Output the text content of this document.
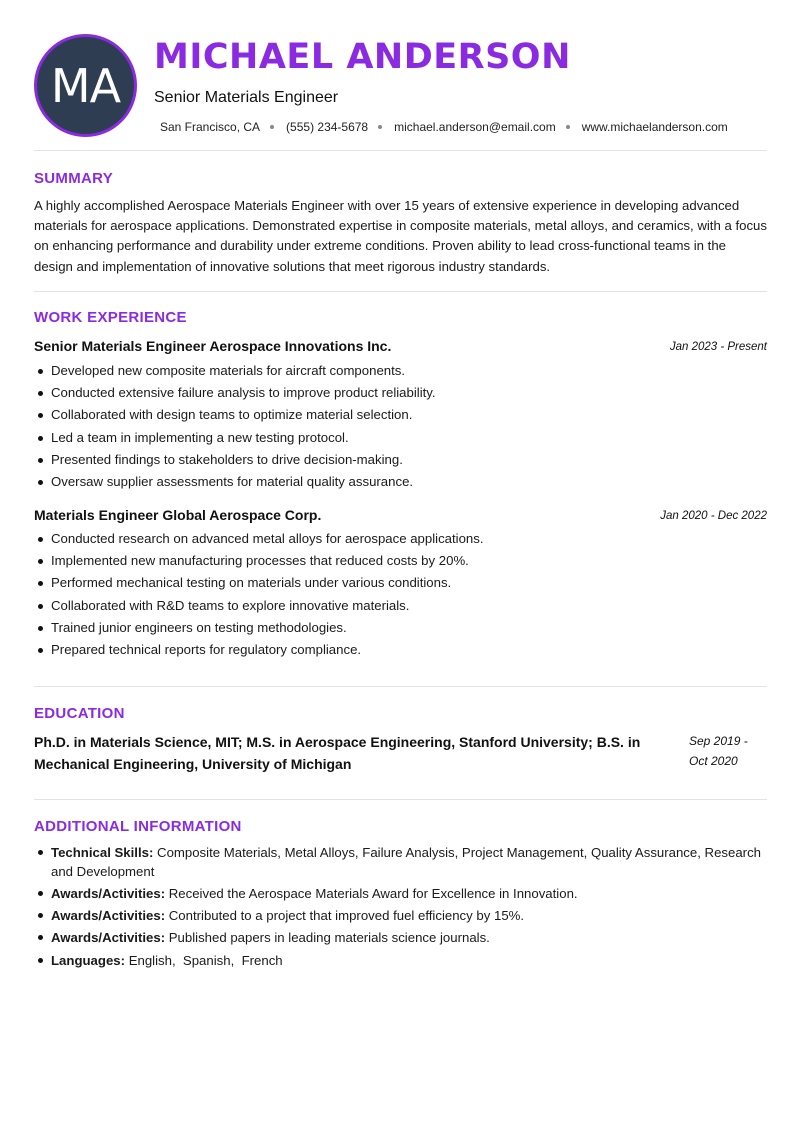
MA
MICHAEL ANDERSON
Senior Materials Engineer
San Francisco, CA (555) 234-5678 michael.anderson@email.com www.michaelanderson.com
SUMMARY

A highly accomplished Aerospace Materials Engineer with over 15 years of extensive experience in developing advanced materials for aerospace applications. Demonstrated expertise in composite materials, metal alloys, and ceramics, with a focus on enhancing performance and durability under extreme conditions. Proven ability to lead cross-functional teams in the design and implementation of innovative solutions that meet rigorous industry standards.

WORK EXPERIENCE
Senior Materials Engineer Aerospace Innovations Inc.	Jan 2023 - Present
Developed new composite materials for aircraft components.
Conducted extensive failure analysis to improve product reliability.
Collaborated with design teams to optimize material selection.
Led a team in implementing a new testing protocol.
Presented findings to stakeholders to drive decision-making.
Oversaw supplier assessments for material quality assurance.
Materials Engineer Global Aerospace Corp.	Jan 2020 - Dec 2022
Conducted research on advanced metal alloys for aerospace applications.
Implemented new manufacturing processes that reduced costs by 20%.
Performed mechanical testing on materials under various conditions.
Collaborated with R&D teams to explore innovative materials.
Trained junior engineers on testing methodologies.
Prepared technical reports for regulatory compliance.
EDUCATION
Ph.D. in Materials Science, MIT; M.S. in Aerospace Engineering, Stanford University; B.S. in Mechanical Engineering, University of Michigan
Sep 2019 - Oct 2020
ADDITIONAL INFORMATION
Technical Skills: Composite Materials, Metal Alloys, Failure Analysis, Project Management, Quality Assurance, Research and Development
Awards/Activities: Received the Aerospace Materials Award for Excellence in Innovation.
Awards/Activities: Contributed to a project that improved fuel efficiency by 15%.
Awards/Activities: Published papers in leading materials science journals.
Languages: English,  Spanish,  French
